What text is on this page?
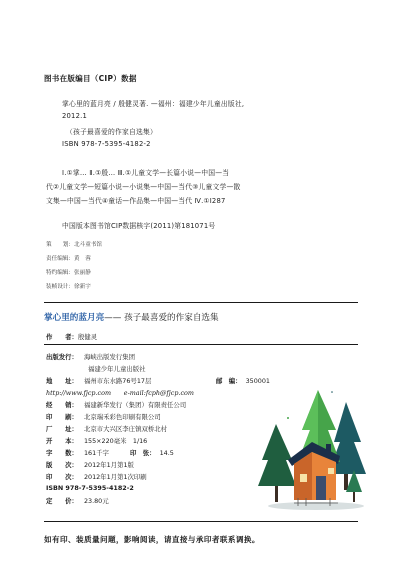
图书在版编目（CIP）数据
掌心里的蓝月亮 / 殷健灵著. —福州：福建少年儿童出版社,
2012.1
（孩子最喜爱的作家自选集）
ISBN 978-7-5395-4182-2
Ⅰ.①掌… Ⅱ.①殷… Ⅲ.①儿童文学—长篇小说—中国—当
代②儿童文学—短篇小说—小说集—中国—当代③儿童文学—散
文集—中国—当代④童话—作品集—中国—当代 Ⅳ.①I287
中国版本图书馆CIP数据核字(2011)第181071号
策　　划：北斗童书馆
责任编辑：黄　蓉
特约编辑：张丽静
装帧设计：徐新宇
掌心里的蓝月亮—— 孩子最喜爱的作家自选集
作　　者：殷健灵
出版发行： 海峡出版发行集团
福建少年儿童出版社
地　　址： 福州市东水路76号17层	邮　编： 350001
http://www.fjcp.com　　e-mail:fcph@fjcp.com
经　　销： 福建新华发行（集团）有限责任公司
印　　刷： 北京瑞禾彩色印刷有限公司
厂　　址： 北京市大兴区李庄镇双桥北村
开　　本： 155×220毫米　1/16
字　　数： 161千字	印　张： 14.5
版　　次： 2012年1月第1版
印　　次： 2012年1月第1次印刷
ISBN 978-7-5395-4182-2
定　　价： 23.80元
如有印、装质量问题，影响阅读，请直接与承印者联系调换。
